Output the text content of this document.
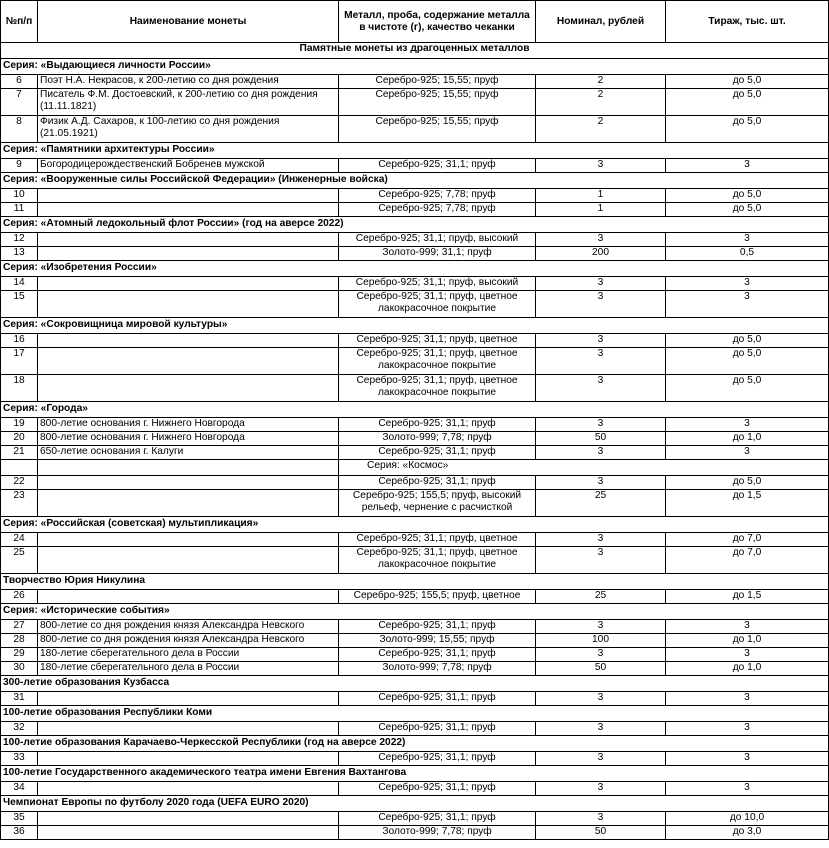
№п/п	Наименование монеты	Металл, проба, содержание металла в чистоте (г), качество чеканки	Номинал, рублей	Тираж, тыс. шт.
Памятные монеты из драгоценных металлов				
Серия: «Выдающиеся личности России»				
6	Поэт Н.А. Некрасов, к 200-летию со дня рождения	Серебро-925; 15,55; пруф	2	до 5,0
7	Писатель Ф.М. Достоевский, к 200-летию со дня рождения (11.11.1821)	Серебро-925; 15,55; пруф	2	до 5,0
8	Физик А.Д. Сахаров, к 100-летию со дня рождения (21.05.1921)	Серебро-925; 15,55; пруф	2	до 5,0
Серия: «Памятники архитектуры России»				
9	Богородицерождественский Бобренев мужской	Серебро-925; 31,1; пруф	3	3
Серия: «Вооруженные силы Российской Федерации» (Инженерные войска)				
10		Серебро-925; 7,78; пруф	1	до 5,0
11		Серебро-925; 7,78; пруф	1	до 5,0
Серия: «Атомный ледокольный флот России» (год на аверсе 2022)				
12		Серебро-925; 31,1; пруф, высокий	3	3
13		Золото-999; 31,1; пруф	200	0,5
Серия: «Изобретения России»				
14		Серебро-925; 31,1; пруф, высокий	3	3
15		Серебро-925; 31,1; пруф, цветное лакокрасочное покрытие	3	3
Серия: «Сокровищница мировой культуры»				
16		Серебро-925; 31,1; пруф, цветное	3	до 5,0
17		Серебро-925; 31,1; пруф, цветное лакокрасочное покрытие	3	до 5,0
18		Серебро-925; 31,1; пруф, цветное лакокрасочное покрытие	3	до 5,0
Серия: «Города»				
19	800-летие основания г. Нижнего Новгорода	Серебро-925; 31,1; пруф	3	3
20	800-летие основания г. Нижнего Новгорода	Золото-999; 7,78; пруф	50	до 1,0
21	650-летие основания г. Калуги	Серебро-925; 31,1; пруф	3	3
		Серия: «Космос»		
22		Серебро-925; 31,1; пруф	3	до 5,0
23		Серебро-925; 155,5; пруф, высокий рельеф, чернение с расчисткой	25	до 1,5
Серия: «Российская (советская) мультипликация»				
24		Серебро-925; 31,1; пруф, цветное	3	до 7,0
25		Серебро-925; 31,1; пруф, цветное лакокрасочное покрытие	3	до 7,0
Творчество Юрия Никулина				
26		Серебро-925; 155,5; пруф, цветное	25	до 1,5
Серия: «Исторические события»				
27	800-летие со дня рождения князя Александра Невского	Серебро-925; 31,1; пруф	3	3
28	800-летие со дня рождения князя Александра Невского	Золото-999; 15,55; пруф	100	до 1,0
29	180-летие сберегательного дела в России	Серебро-925; 31,1; пруф	3	3
30	180-летие сберегательного дела в России	Золото-999; 7,78; пруф	50	до 1,0
300-летие образования Кузбасса				
31		Серебро-925; 31,1; пруф	3	3
100-летие образования Республики Коми				
32		Серебро-925; 31,1; пруф	3	3
100-летие образования Карачаево-Черкесской Республики (год на аверсе 2022)				
33		Серебро-925; 31,1; пруф	3	3
100-летие Государственного академического театра имени Евгения Вахтангова				
34		Серебро-925; 31,1; пруф	3	3
Чемпионат Европы по футболу 2020 года (UEFA EURO 2020)				
35		Серебро-925; 31,1; пруф	3	до 10,0
36		Золото-999; 7,78; пруф	50	до 3,0
